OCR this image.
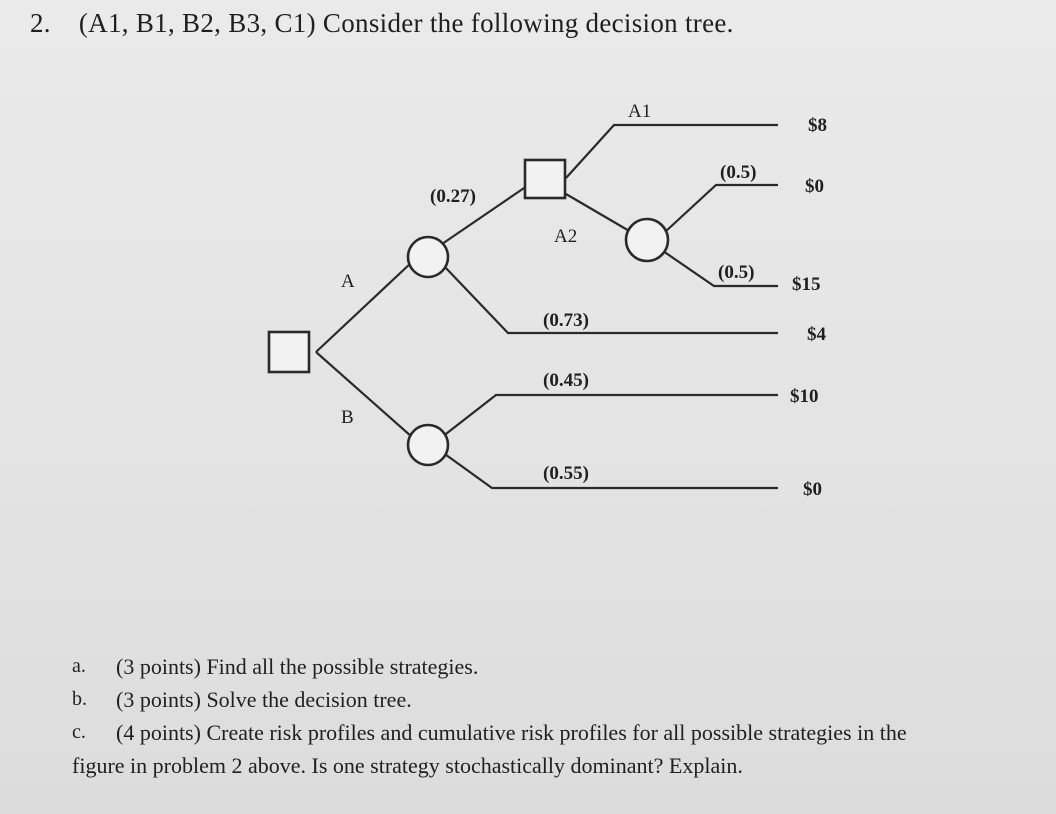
2. (A1, B1, B2, B3, C1) Consider the following decision tree.
A
B
A1
A2
(0.27)
(0.5)
(0.5)
(0.73)
(0.45)
(0.55)
$8
$0
$15
$4
$10
$0
a.	(3 points) Find all the possible strategies.
b.	(3 points) Solve the decision tree.
c.	(4 points) Create risk profiles and cumulative risk profiles for all possible strategies in the
figure in problem 2 above. Is one strategy stochastically dominant? Explain.
